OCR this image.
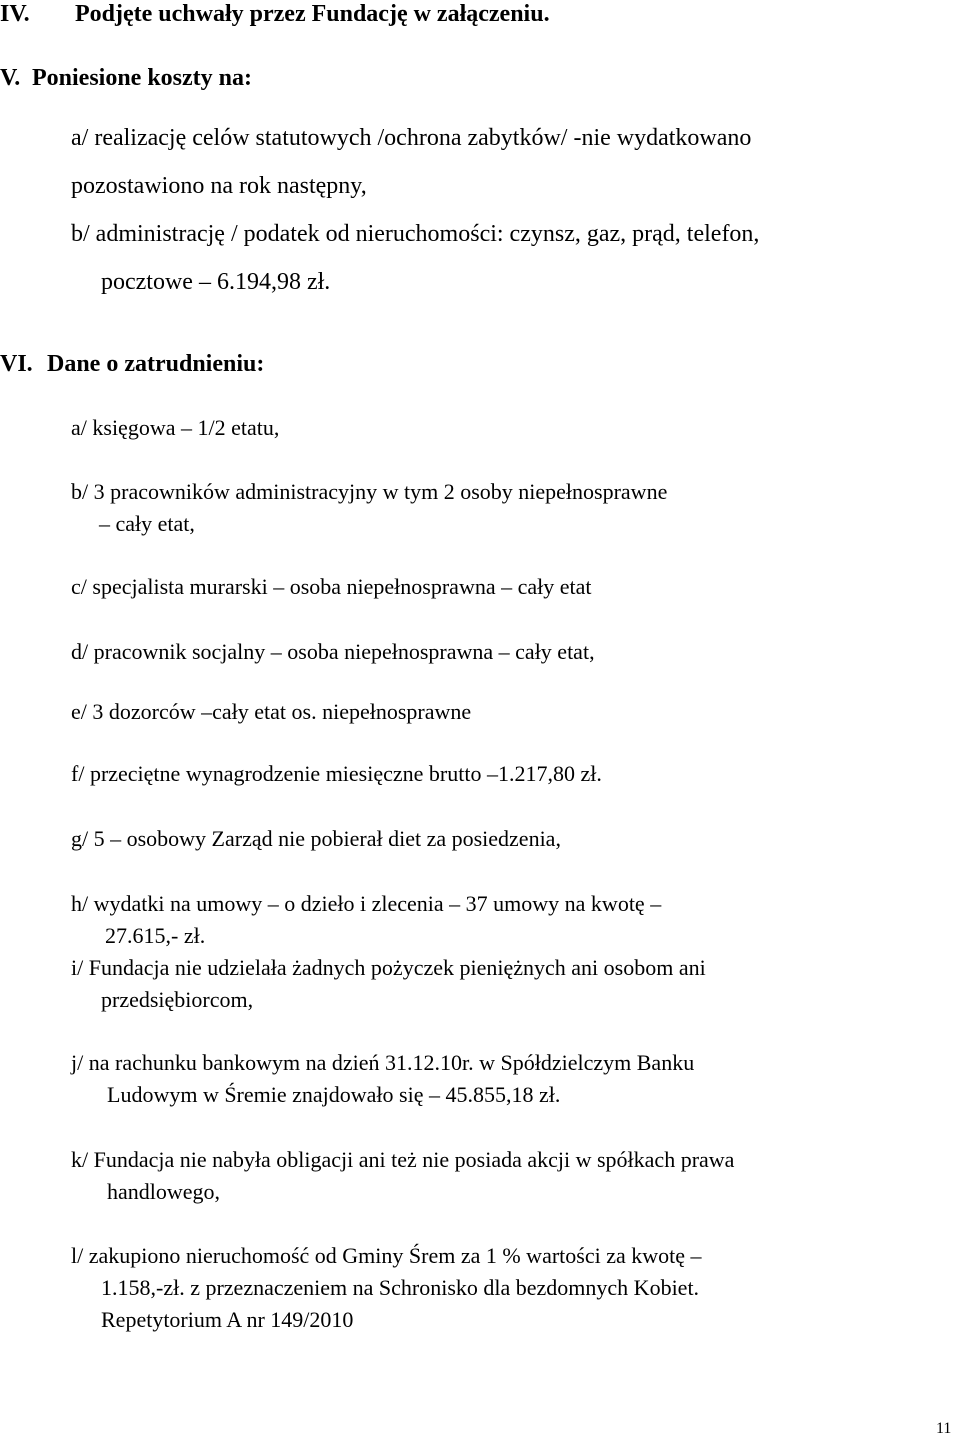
IV. Podjęte uchwały przez Fundację w załączeniu.
V. Poniesione koszty na:
a/ realizację celów statutowych /ochrona zabytków/ -nie wydatkowano
pozostawiono na rok następny,
b/ administrację / podatek od nieruchomości: czynsz, gaz, prąd, telefon,
pocztowe – 6.194,98 zł.
VI. Dane o zatrudnieniu:
a/ księgowa – 1/2 etatu,
b/ 3 pracowników administracyjny w tym 2 osoby niepełnosprawne
– cały etat,
c/ specjalista murarski – osoba niepełnosprawna – cały etat
d/ pracownik socjalny – osoba niepełnosprawna – cały etat,
e/ 3 dozorców –cały etat os. niepełnosprawne
f/ przeciętne wynagrodzenie miesięczne brutto –1.217,80 zł.
g/ 5 – osobowy Zarząd nie pobierał diet za posiedzenia,
h/ wydatki na umowy – o dzieło i zlecenia – 37 umowy na kwotę –
27.615,- zł.
i/ Fundacja nie udzielała żadnych pożyczek pieniężnych ani osobom ani
przedsiębiorcom,
j/ na rachunku bankowym na dzień 31.12.10r. w Spółdzielczym Banku
Ludowym w Śremie znajdowało się – 45.855,18 zł.
k/ Fundacja nie nabyła obligacji ani też nie posiada akcji w spółkach prawa
handlowego,
l/ zakupiono nieruchomość od Gminy Śrem za 1 % wartości za kwotę –
1.158,-zł. z przeznaczeniem na Schronisko dla bezdomnych Kobiet.
Repetytorium A nr 149/2010
11
